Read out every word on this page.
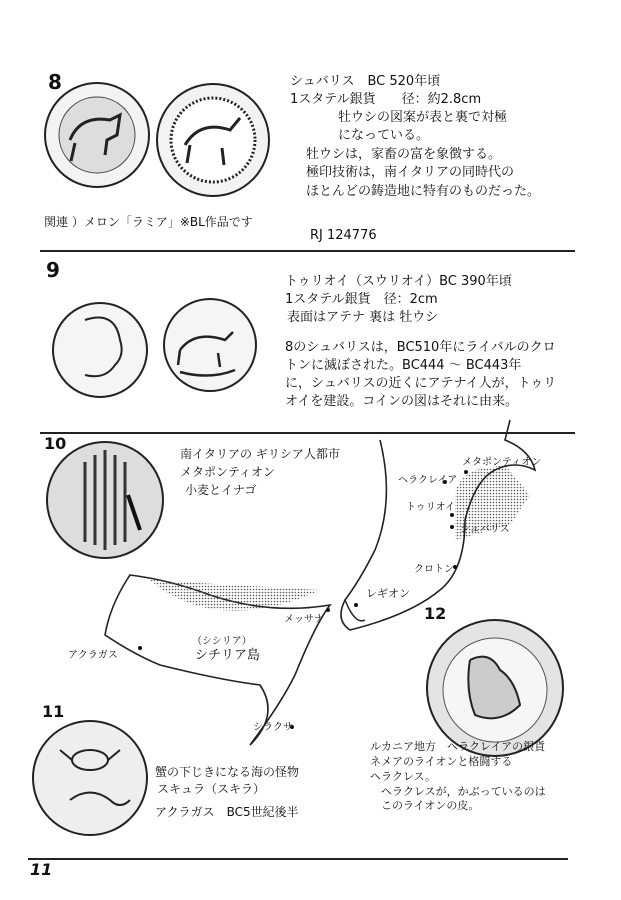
8	シュバリス　BC 520年頃
1スタテル銀貨　　径：約2.8cm
牡ウシの図案が表と裏で対極
になっている。
牡ウシは，家畜の富を象徴する。
極印技術は，南イタリアの同時代の
ほとんどの鋳造地に特有のものだった。
関連 ）メロン「ラミア」※BL作品です
RJ 124776
9	トゥリオイ（スウリオイ）BC 390年頃
1スタテル銀貨　径：2cm
表面はアテナ 裏は 牡ウシ
8のシュバリスは，BC510年にライバルのクロ
トンに滅ぼされた。BC444 ～ BC443年
に，シュバリスの近くにアテナイ人が，トゥリ
オイを建設。コインの図はそれに由来。
10
南イタリアの ギリシア人都市
メタポンティオン
小麦とイナゴ
メタポンティオン
ヘラクレイア
トゥリオイ
シュバリス
クロトン
レギオン
メッサナ
（シシリア）
シチリア島
アクラガス
シラクサ
12
ルカニア地方　ヘラクレイアの銀貨
ネメアのライオンと格闘する
ヘラクレス。
　ヘラクレスが，かぶっているのは
　このライオンの皮。
11
蟹の下じきになる海の怪物
スキュラ（スキラ）
アクラガス　BC5世紀後半
11
